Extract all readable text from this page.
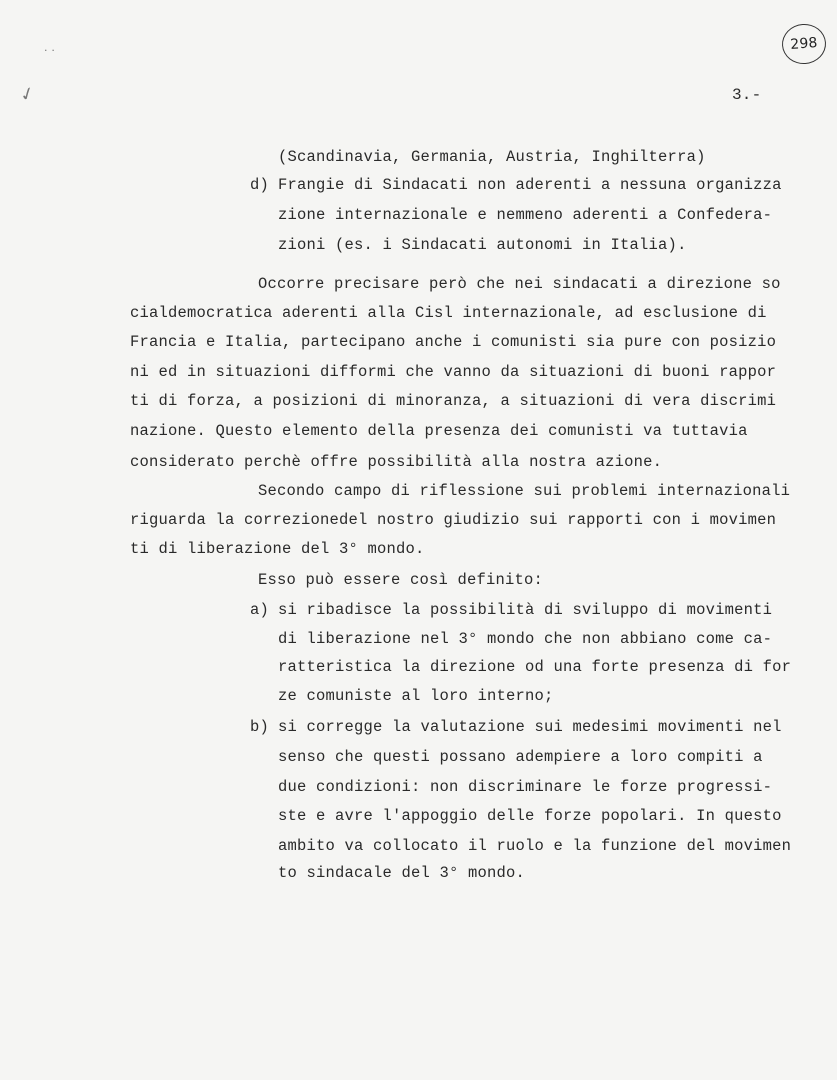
298
3.-
· ·
✓
(Scandinavia, Germania, Austria, Inghilterra)
d) Frangie di Sindacati non aderenti a nessuna organizza
zione internazionale e nemmeno aderenti a Confedera-
zioni (es. i Sindacati autonomi in Italia).
Occorre precisare però che nei sindacati a direzione so
cialdemocratica aderenti alla Cisl internazionale, ad esclusione di
Francia e Italia, partecipano anche i comunisti sia pure con posizio
ni ed in situazioni difformi che vanno da situazioni di buoni rappor
ti di forza, a posizioni di minoranza, a situazioni di vera discrimi
nazione. Questo elemento della presenza dei comunisti va tuttavia
considerato perchè offre possibilità alla nostra azione.
Secondo campo di riflessione sui problemi internazionali
riguarda la correzionedel nostro giudizio sui rapporti con i movimen
ti di liberazione del 3° mondo.
Esso può essere così definito:
a) si ribadisce la possibilità di sviluppo di movimenti
di liberazione nel 3° mondo che non abbiano come ca-
ratteristica la direzione od una forte presenza di for
ze comuniste al loro interno;
b) si corregge la valutazione sui medesimi movimenti nel
senso che questi possano adempiere a loro compiti a
due condizioni: non discriminare le forze progressi-
ste e avre l'appoggio delle forze popolari. In questo
ambito va collocato il ruolo e la funzione del movimen
to sindacale del 3° mondo.
